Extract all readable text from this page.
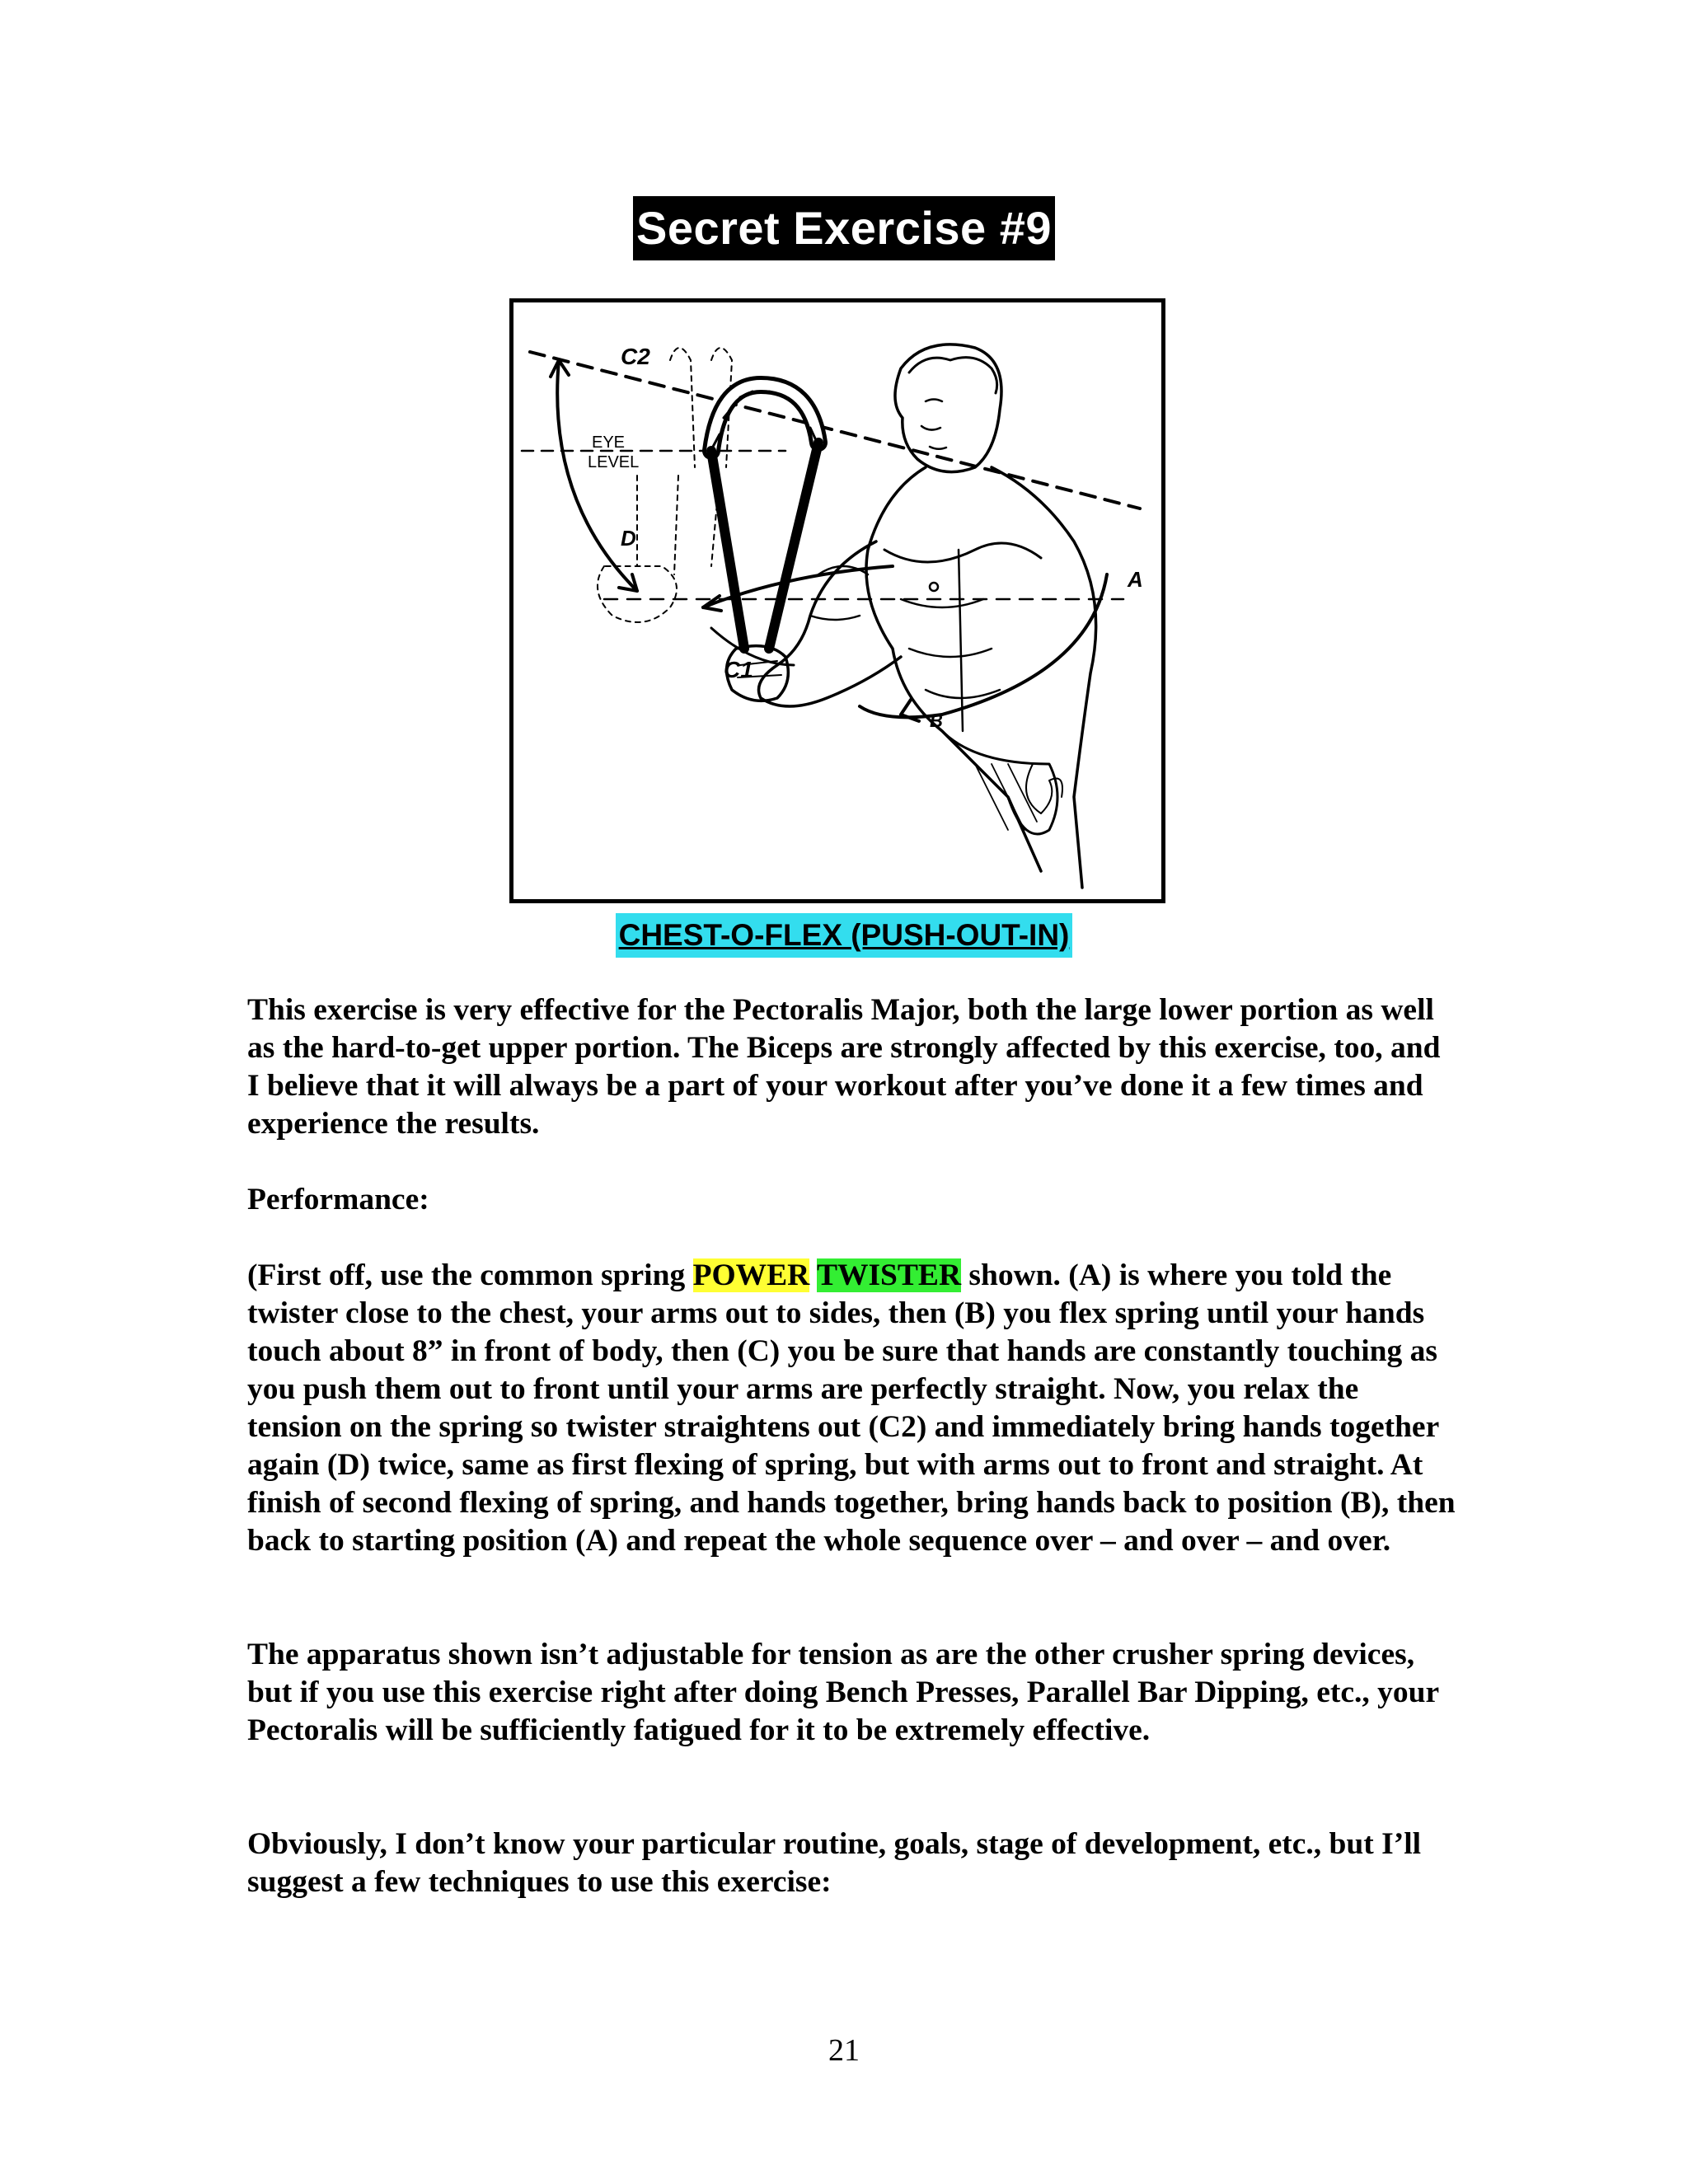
Secret Exercise #9
C2
EYE
LEVEL
D
C1
A
B
CHEST-O-FLEX (PUSH-OUT-IN)

This exercise is very effective for the Pectoralis Major, both the large lower portion as well as the hard-to-get upper portion. The Biceps are strongly affected by this exercise, too, and I believe that it will always be a part of your workout after you’ve done it a few times and experience the results.

Performance:

(First off, use the common spring POWER TWISTER shown. (A) is where you told the twister close to the chest, your arms out to sides, then (B) you flex spring until your hands touch about 8” in front of body, then (C) you be sure that hands are constantly touching as you push them out to front until your arms are perfectly straight. Now, you relax the tension on the spring so twister straightens out (C2) and immediately bring hands together again (D) twice, same as first flexing of spring, but with arms out to front and straight. At finish of second flexing of spring, and hands together, bring hands back to position (B), then back to starting position (A) and repeat the whole sequence over – and over – and over.

The apparatus shown isn’t adjustable for tension as are the other crusher spring devices, but if you use this exercise right after doing Bench Presses, Parallel Bar Dipping, etc., your Pectoralis will be sufficiently fatigued for it to be extremely effective.

Obviously, I don’t know your particular routine, goals, stage of development, etc., but I’ll suggest a few techniques to use this exercise:

21
